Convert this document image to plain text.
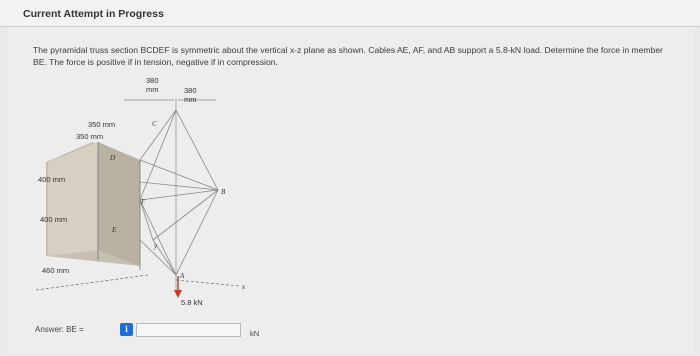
Current Attempt in Progress
The pyramidal truss section BCDEF is symmetric about the vertical x-z plane as shown. Cables AE, AF, and AB support a 5.8-kN load. Determine the force in member BE. The force is positive if in tension, negative if in compression.
380
mm	380
mm
350 mm
350 mm
400 mm
400 mm
460 mm
5.8 kN
C
D
B
F
E
A
y
x
Answer: BE =	i	kN
